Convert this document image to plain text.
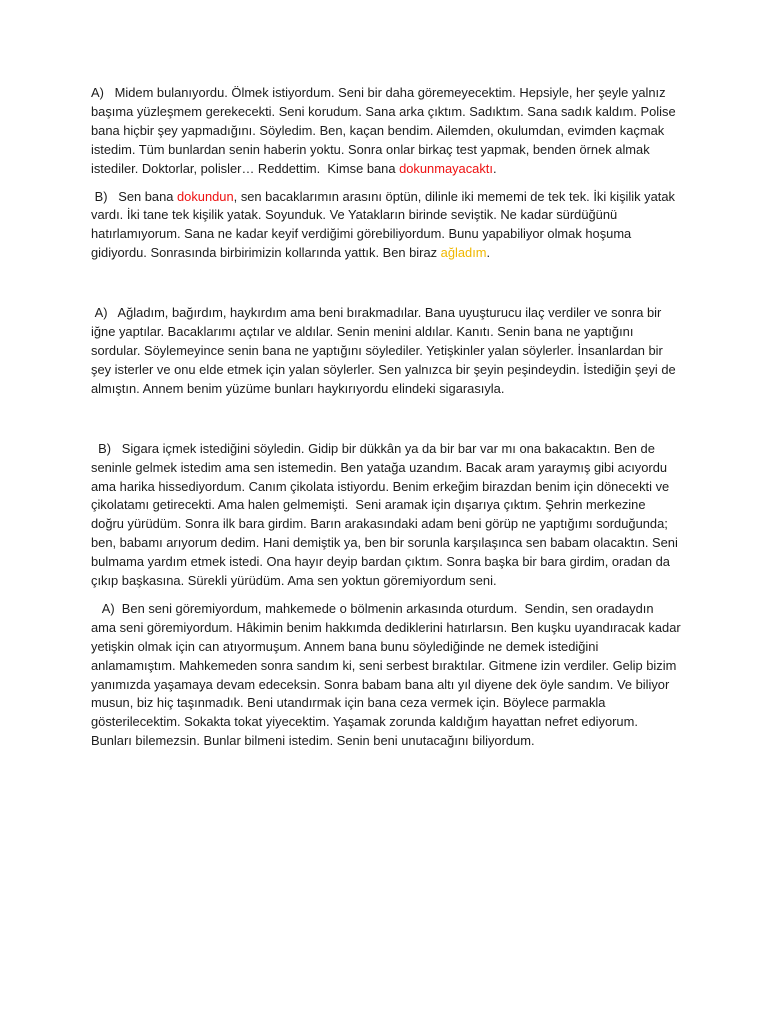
A)   Midem bulanıyordu. Ölmek istiyordum. Seni bir daha göremeyecektim. Hepsiyle, her şeyle yalnız başıma yüzleşmem gerekecekti. Seni korudum. Sana arka çıktım. Sadıktım. Sana sadık kaldım. Polise bana hiçbir şey yapmadığını. Söyledim. Ben, kaçan bendim. Ailemden, okulumdan, evimden kaçmak istedim. Tüm bunlardan senin haberin yoktu. Sonra onlar birkaç test yapmak, benden örnek almak istediler. Doktorlar, polisler… Reddettim.  Kimse bana dokunmayacaktı.

B)   Sen bana dokundun, sen bacaklarımın arasını öptün, dilinle iki mememi de tek tek. İki kişilik yatak vardı. İki tane tek kişilik yatak. Soyunduk. Ve Yatakların birinde seviştik. Ne kadar sürdüğünü hatırlamıyorum. Sana ne kadar keyif verdiğimi görebiliyordum. Bunu yapabiliyor olmak hoşuma gidiyordu. Sonrasında birbirimizin kollarında yattık. Ben biraz ağladım.

A)   Ağladım, bağırdım, haykırdım ama beni bırakmadılar. Bana uyuşturucu ilaç verdiler ve sonra bir iğne yaptılar. Bacaklarımı açtılar ve aldılar. Senin menini aldılar. Kanıtı. Senin bana ne yaptığını sordular. Söylemeyince senin bana ne yaptığını söylediler. Yetişkinler yalan söylerler. İnsanlardan bir şey isterler ve onu elde etmek için yalan söylerler. Sen yalnızca bir şeyin peşindeydin. İstediğin şeyi de almıştın. Annem benim yüzüme bunları haykırıyordu elindeki sigarasıyla.

B)   Sigara içmek istediğini söyledin. Gidip bir dükkân ya da bir bar var mı ona bakacaktın. Ben de seninle gelmek istedim ama sen istemedin. Ben yatağa uzandım. Bacak aram yaraymış gibi acıyordu ama harika hissediyordum. Canım çikolata istiyordu. Benim erkeğim birazdan benim için dönecekti ve çikolatamı getirecekti. Ama halen gelmemişti.  Seni aramak için dışarıya çıktım. Şehrin merkezine doğru yürüdüm. Sonra ilk bara girdim. Barın arakasındaki adam beni görüp ne yaptığımı sorduğunda; ben, babamı arıyorum dedim. Hani demiştik ya, ben bir sorunla karşılaşınca sen babam olacaktın. Seni bulmama yardım etmek istedi. Ona hayır deyip bardan çıktım. Sonra başka bir bara girdim, oradan da çıkıp başkasına. Sürekli yürüdüm. Ama sen yoktun göremiyordum seni.

A)  Ben seni göremiyordum, mahkemede o bölmenin arkasında oturdum.  Sendin, sen oradaydın ama seni göremiyordum. Hâkimin benim hakkımda dediklerini hatırlarsın. Ben kuşku uyandıracak kadar yetişkin olmak için can atıyormuşum. Annem bana bunu söylediğinde ne demek istediğini anlamamıştım. Mahkemeden sonra sandım ki, seni serbest bıraktılar. Gitmene izin verdiler. Gelip bizim yanımızda yaşamaya devam edeceksin. Sonra babam bana altı yıl diyene dek öyle sandım. Ve biliyor musun, biz hiç taşınmadık. Beni utandırmak için bana ceza vermek için. Böylece parmakla gösterilecektim. Sokakta tokat yiyecektim. Yaşamak zorunda kaldığım hayattan nefret ediyorum. Bunları bilemezsin. Bunlar bilmeni istedim. Senin beni unutacağını biliyordum.
